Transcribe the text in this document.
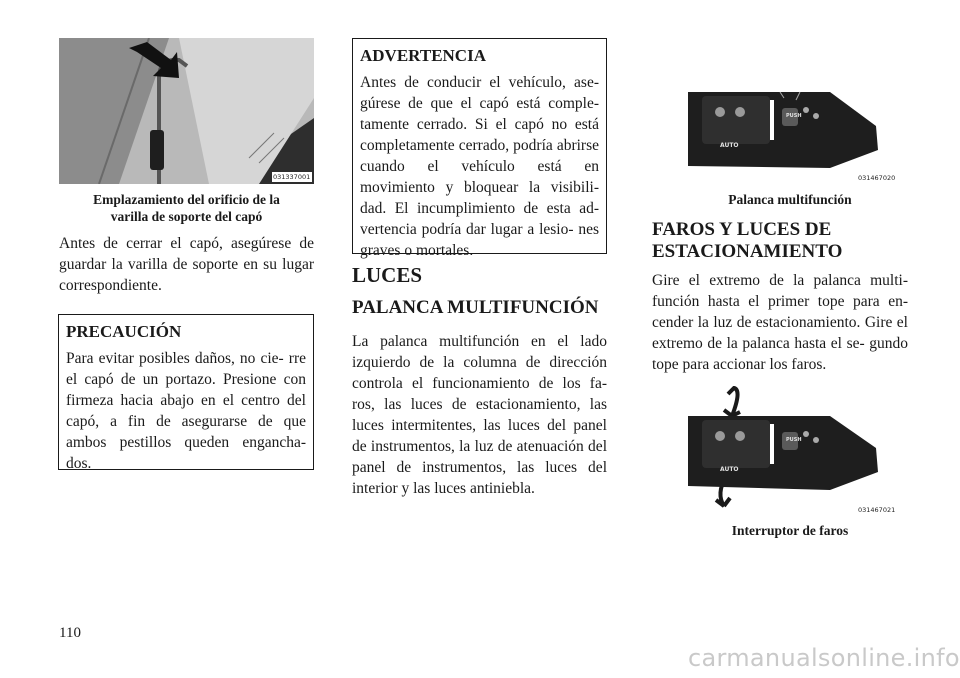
031337001
Emplazamiento del orificio de la
varilla de soporte del capó
Antes de cerrar el capó, asegúrese de guardar la varilla de soporte en su lugar correspondiente.
PRECAUCIÓN
Para evitar posibles daños, no cie- rre el capó de un portazo. Presione con firmeza hacia abajo en el centro del capó, a fin de asegurarse de que ambos pestillos queden engancha- dos.
ADVERTENCIA
Antes de conducir el vehículo, ase- gúrese de que el capó está comple- tamente cerrado. Si el capó no está completamente cerrado, podría abrirse cuando el vehículo está en movimiento y bloquear la visibili- dad. El incumplimiento de esta ad- vertencia podría dar lugar a lesio- nes graves o mortales.
LUCES
PALANCA MULTIFUNCIÓN
La palanca multifunción en el lado izquierdo de la columna de dirección controla el funcionamiento de los fa- ros, las luces de estacionamiento, las luces intermitentes, las luces del panel de instrumentos, la luz de atenuación del panel de instrumentos, las luces del interior y las luces antiniebla.
AUTO
PUSH
031467020
Palanca multifunción
FAROS Y LUCES DE
ESTACIONAMIENTO
Gire el extremo de la palanca multi- función hasta el primer tope para en- cender la luz de estacionamiento. Gire el extremo de la palanca hasta el se- gundo tope para accionar los faros.
AUTO
PUSH
031467021
Interruptor de faros
110
carmanualsonline.info
